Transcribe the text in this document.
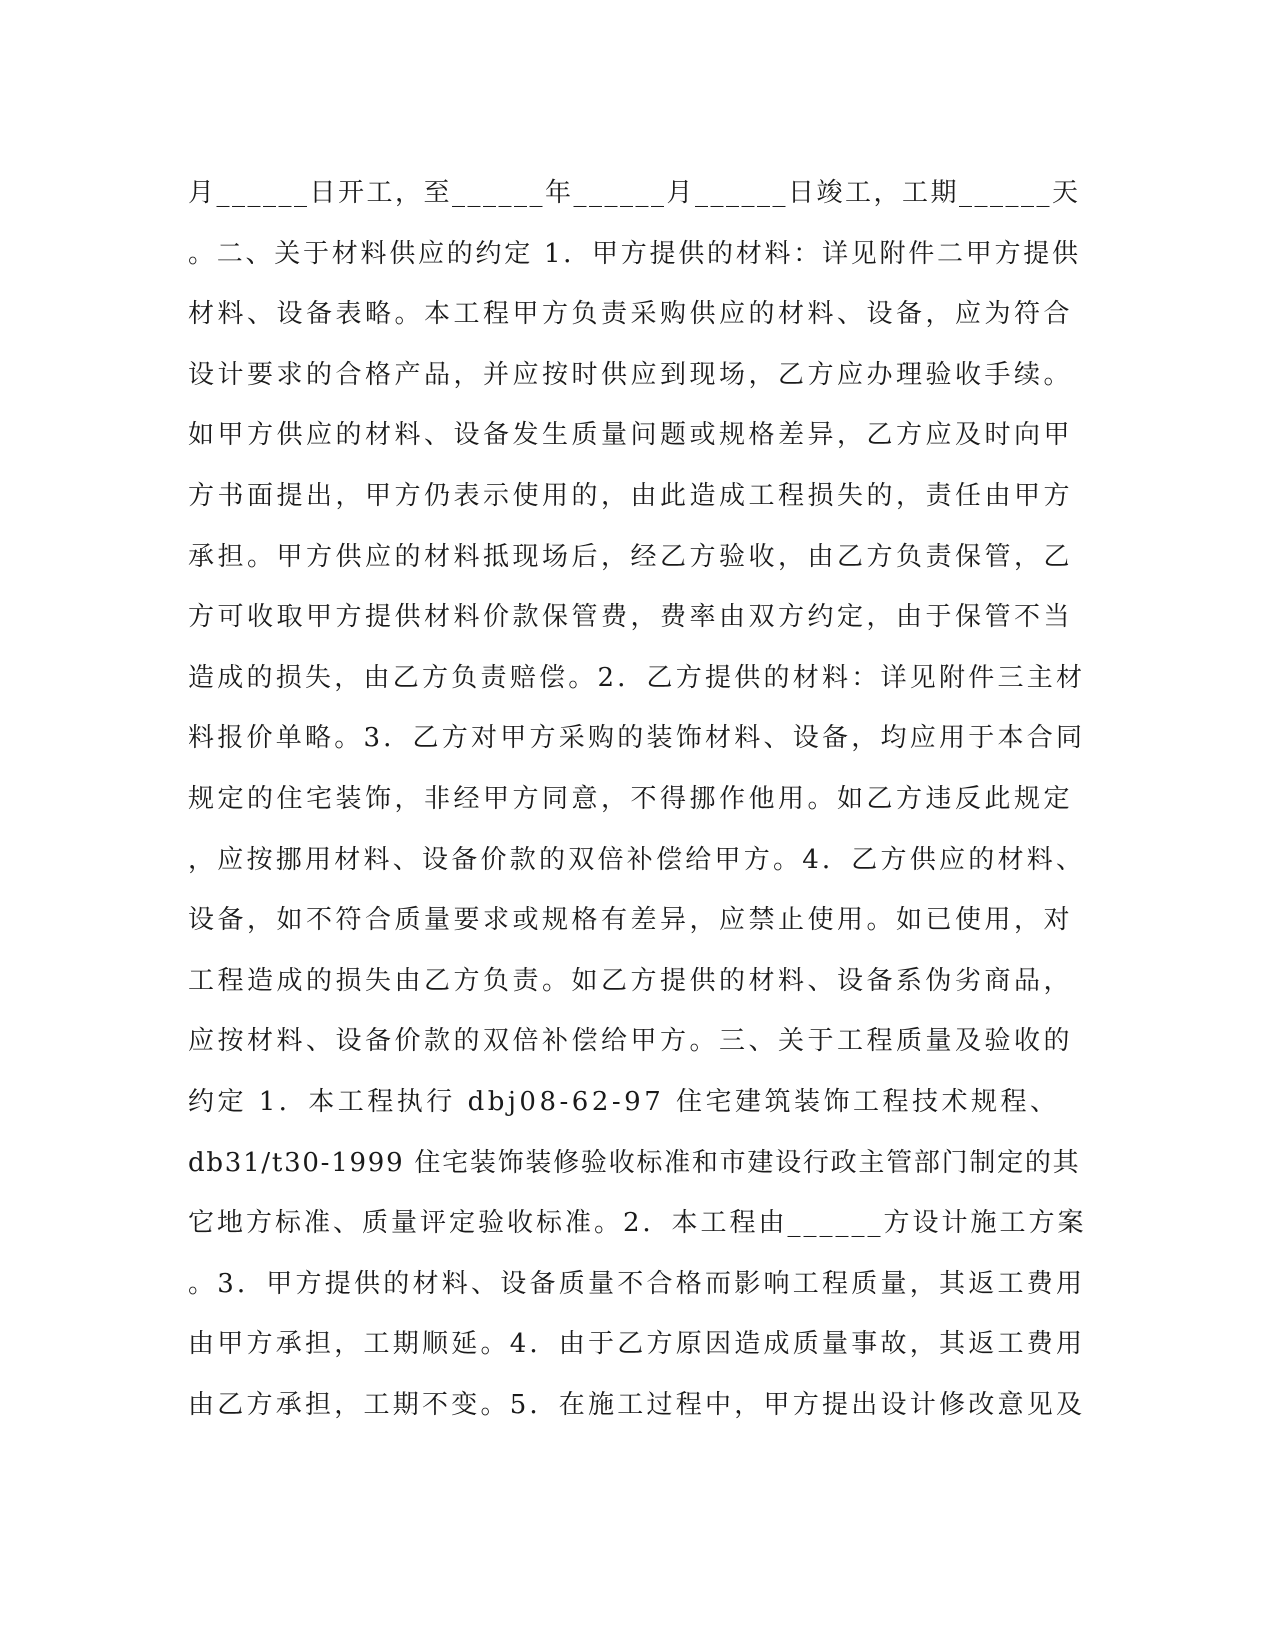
月______日开工，至______年______月______日竣工，工期______天
。二、关于材料供应的约定 1．甲方提供的材料：详见附件二甲方提供
材料、设备表略。本工程甲方负责采购供应的材料、设备，应为符合
设计要求的合格产品，并应按时供应到现场，乙方应办理验收手续。
如甲方供应的材料、设备发生质量问题或规格差异，乙方应及时向甲
方书面提出，甲方仍表示使用的，由此造成工程损失的，责任由甲方
承担。甲方供应的材料抵现场后，经乙方验收，由乙方负责保管，乙
方可收取甲方提供材料价款保管费，费率由双方约定，由于保管不当
造成的损失，由乙方负责赔偿。2．乙方提供的材料：详见附件三主材
料报价单略。3．乙方对甲方采购的装饰材料、设备，均应用于本合同
规定的住宅装饰，非经甲方同意，不得挪作他用。如乙方违反此规定
，应按挪用材料、设备价款的双倍补偿给甲方。4．乙方供应的材料、
设备，如不符合质量要求或规格有差异，应禁止使用。如已使用，对
工程造成的损失由乙方负责。如乙方提供的材料、设备系伪劣商品，
应按材料、设备价款的双倍补偿给甲方。三、关于工程质量及验收的
约定 1．本工程执行 dbj08-62-97 住宅建筑装饰工程技术规程、
db31/t30-1999 住宅装饰装修验收标准和市建设行政主管部门制定的其
它地方标准、质量评定验收标准。2．本工程由______方设计施工方案
。3．甲方提供的材料、设备质量不合格而影响工程质量，其返工费用
由甲方承担，工期顺延。4．由于乙方原因造成质量事故，其返工费用
由乙方承担，工期不变。5．在施工过程中，甲方提出设计修改意见及
